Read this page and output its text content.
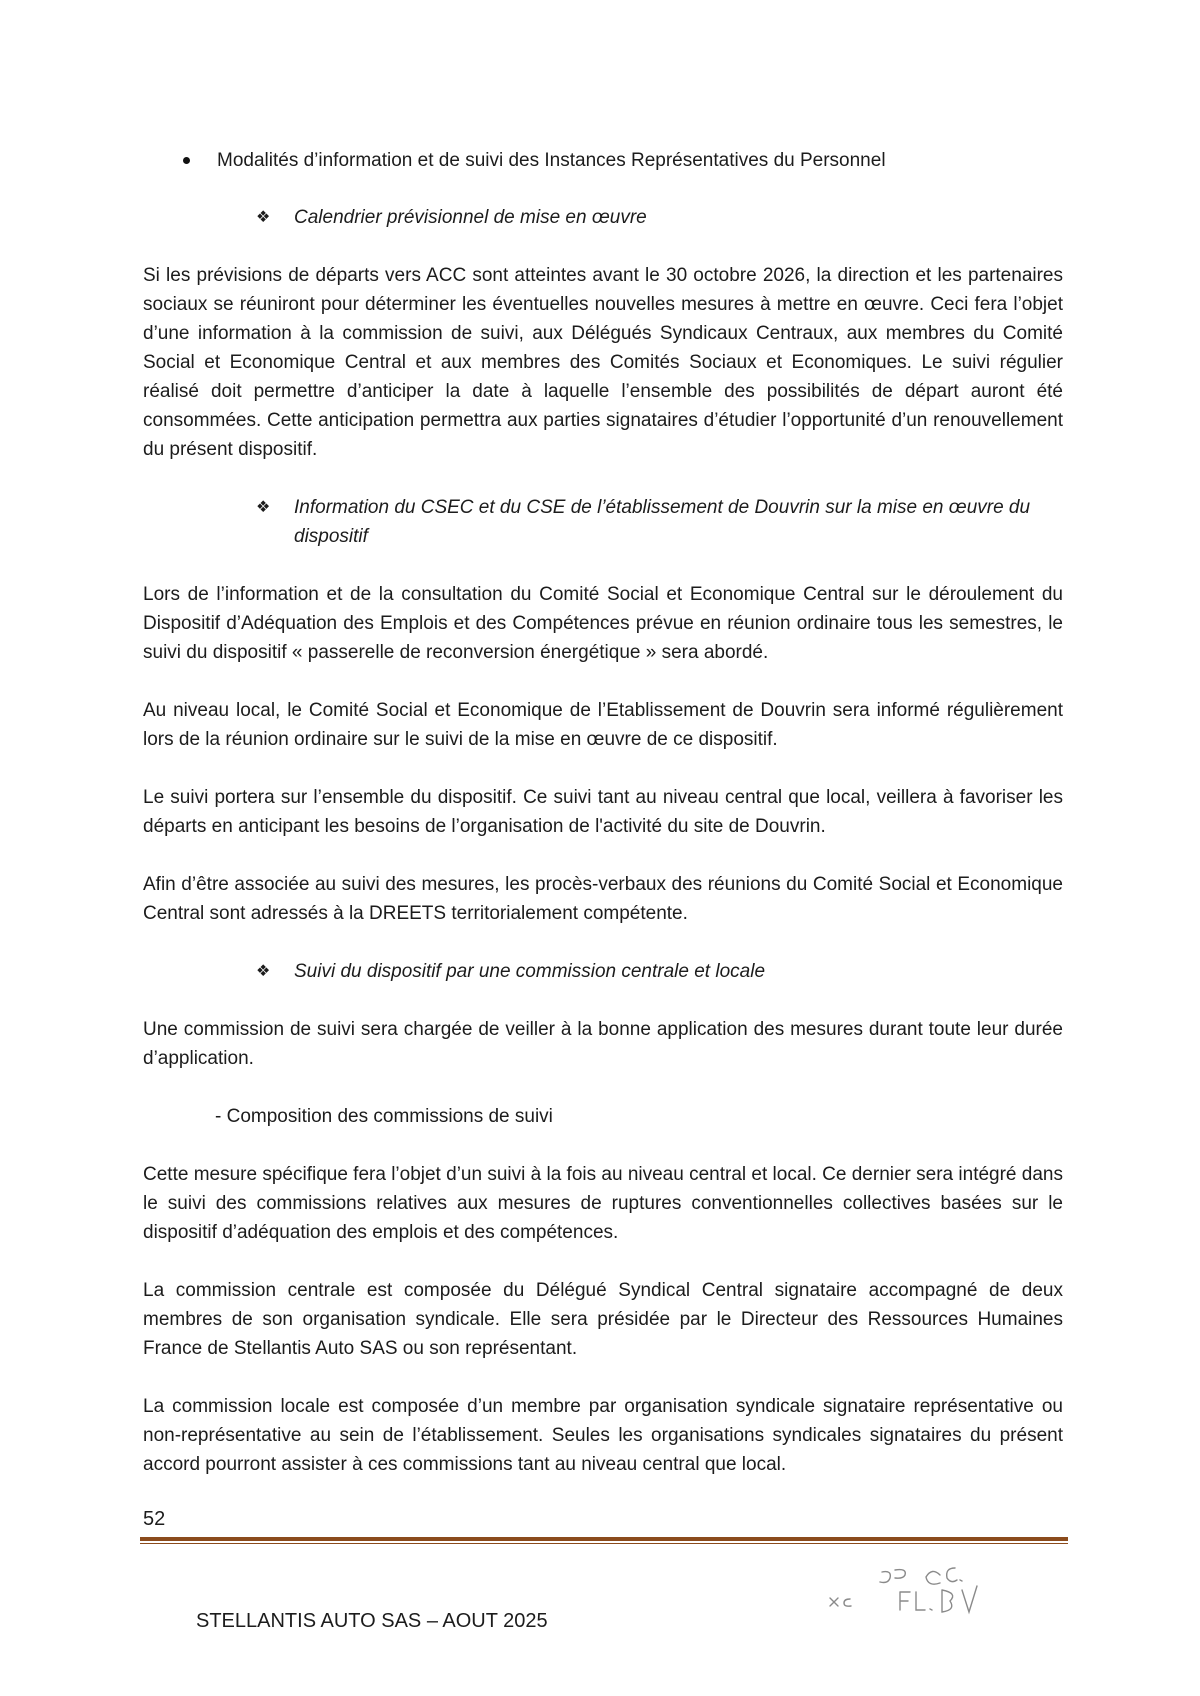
Modalités d’information et de suivi des Instances Représentatives du Personnel
❖ Calendrier prévisionnel de mise en œuvre

Si les prévisions de départs vers ACC sont atteintes avant le 30 octobre 2026, la direction et les partenaires sociaux se réuniront pour déterminer les éventuelles nouvelles mesures à mettre en œuvre. Ceci fera l’objet d’une information à la commission de suivi, aux Délégués Syndicaux Centraux, aux membres du Comité Social et Economique Central et aux membres des Comités Sociaux et Economiques. Le suivi régulier réalisé doit permettre d’anticiper la date à laquelle l’ensemble des possibilités de départ auront été consommées. Cette anticipation permettra aux parties signataires d’étudier l’opportunité d’un renouvellement du présent dispositif.

❖ Information du CSEC et du CSE de l’établissement de Douvrin sur la mise en œuvre du dispositif

Lors de l’information et de la consultation du Comité Social et Economique Central sur le déroulement du Dispositif d’Adéquation des Emplois et des Compétences prévue en réunion ordinaire tous les semestres, le suivi du dispositif « passerelle de reconversion énergétique » sera abordé.

Au niveau local, le Comité Social et Economique de l’Etablissement de Douvrin sera informé régulièrement lors de la réunion ordinaire sur le suivi de la mise en œuvre de ce dispositif.

Le suivi portera sur l’ensemble du dispositif. Ce suivi tant au niveau central que local, veillera à favoriser les départs en anticipant les besoins de l’organisation de l'activité du site de Douvrin.

Afin d’être associée au suivi des mesures, les procès-verbaux des réunions du Comité Social et Economique Central sont adressés à la DREETS territorialement compétente.

❖ Suivi du dispositif par une commission centrale et locale

Une commission de suivi sera chargée de veiller à la bonne application des mesures durant toute leur durée d’application.

- Composition des commissions de suivi

Cette mesure spécifique fera l’objet d’un suivi à la fois au niveau central et local. Ce dernier sera intégré dans le suivi des commissions relatives aux mesures de ruptures conventionnelles collectives basées sur le dispositif d’adéquation des emplois et des compétences.

La commission centrale est composée du Délégué Syndical Central signataire accompagné de deux membres de son organisation syndicale. Elle sera présidée par le Directeur des Ressources Humaines France de Stellantis Auto SAS ou son représentant.

La commission locale est composée d’un membre par organisation syndicale signataire représentative ou non-représentative au sein de l’établissement. Seules les organisations syndicales signataires du présent accord pourront assister à ces commissions tant au niveau central que local.

52
STELLANTIS AUTO SAS – AOUT 2025
